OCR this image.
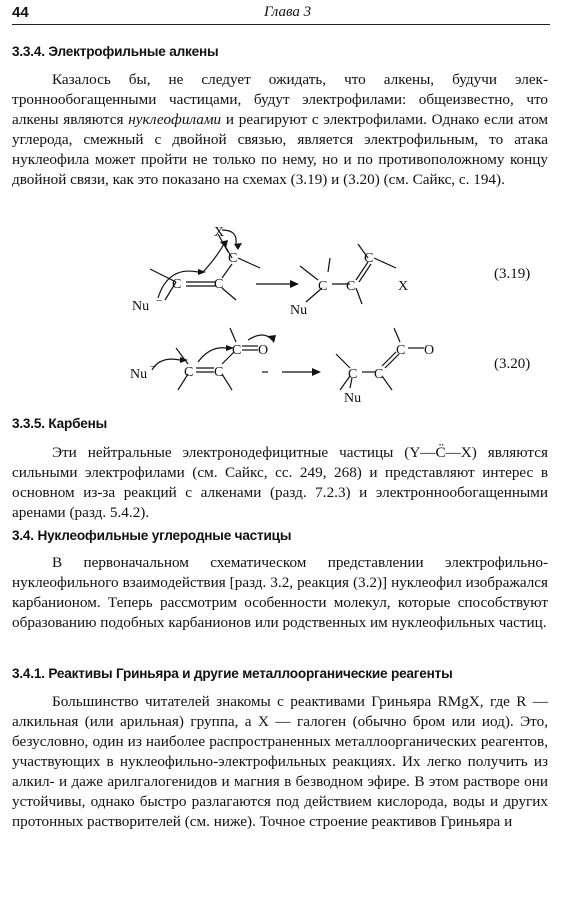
44	Глава 3
3.3.4. Электрофильные алкены

Казалось бы, не следует ожидать, что алкены, будучи электроннообогащенными частицами, будут электрофилами: общеизвестно, что алкены являются нуклеофилами и реагируют с электрофилами. Однако если атом углерода, смежный с двойной связью, является электрофильным, то атака нуклеофила может пройти не только по нему, но и по противоположному концу двойной связи, как это показано на схемах (3.19) и (3.20) (см. Сайкс, с. 194).

X
C
C C
Nu −
C
C C	X
Nu
(3.19)
Nu − C C
C O	C O
C C
Nu
(3.20)
3.3.5. Карбены

Эти нейтральные электронодефицитные частицы (Y—C̈—X) являются сильными электрофилами (см. Сайкс, сс. 249, 268) и представляют интерес в основном из-за реакций с алкенами (разд. 7.2.3) и электроннообогащенными аренами (разд. 5.4.2).

3.4. Нуклеофильные углеродные частицы

В первоначальном схематическом представлении электрофильно-нуклеофильного взаимодействия [разд. 3.2, реакция (3.2)] нуклеофил изображался карбанионом. Теперь рассмотрим особенности молекул, которые способствуют образованию подобных карбанионов или родственных им нуклеофильных частиц.

3.4.1. Реактивы Гриньяра и другие металлоорганические реагенты

Большинство читателей знакомы с реактивами Гриньяра RMgX, где R — алкильная (или арильная) группа, а X — галоген (обычно бром или иод). Это, безусловно, один из наиболее распространенных металлоорганических реагентов, участвующих в нуклеофильно-электрофильных реакциях. Их легко получить из алкил- и даже арилгалогенидов и магния в безводном эфире. В этом растворе они устойчивы, однако быстро разлагаются под действием кислорода, воды и других протонных растворителей (см. ниже). Точное строение реактивов Гриньяра и
